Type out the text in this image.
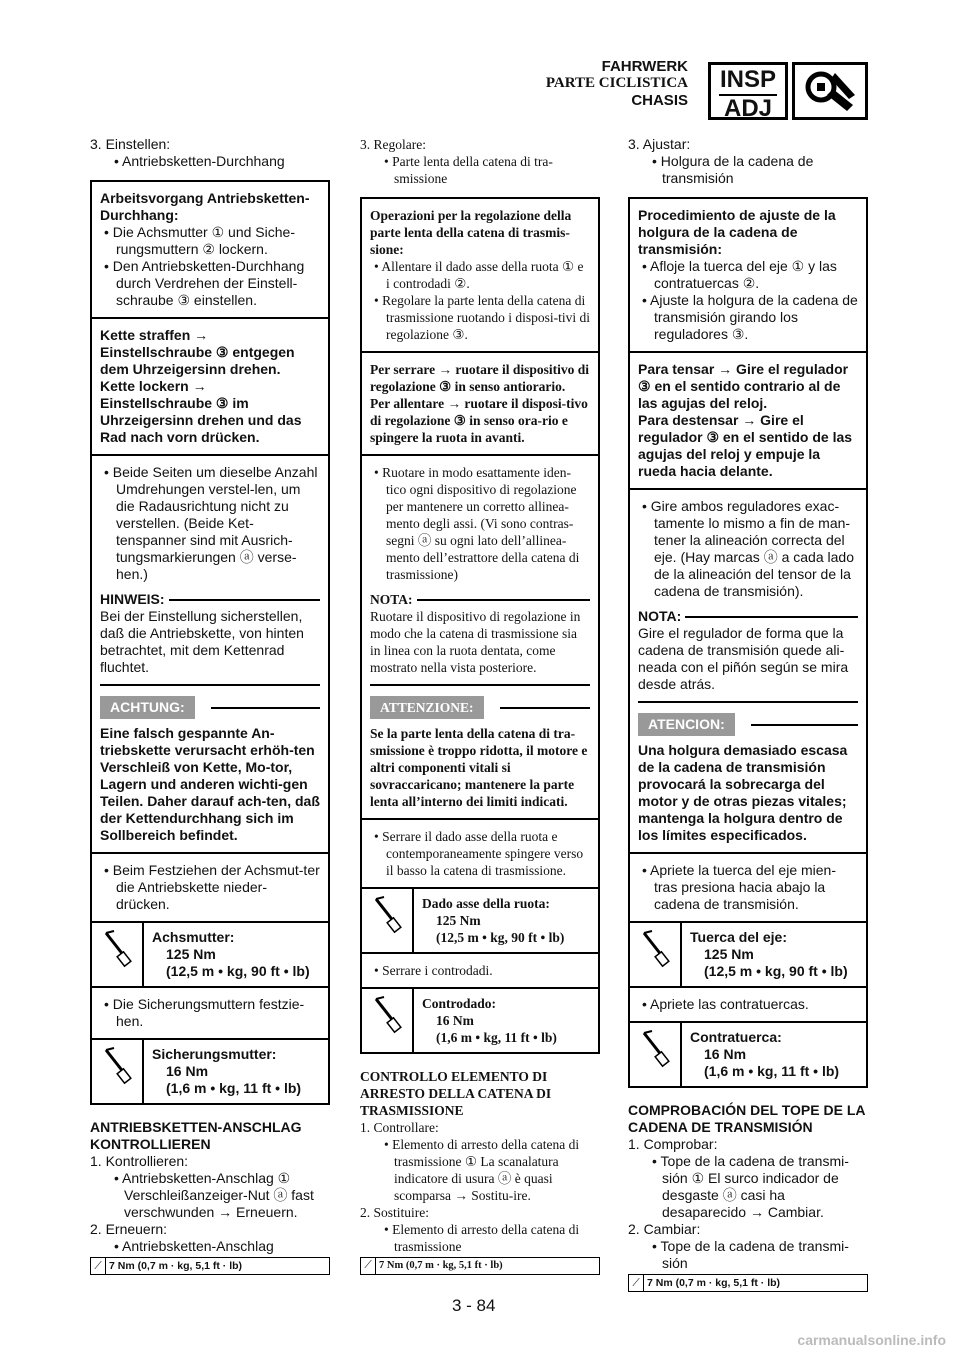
FAHRWERK
PARTE CICLISTICA
CHASIS
INSP
ADJ
3. Einstellen:
• Antriebsketten-Durchhang
Arbeitsvorgang Antriebsketten-Durchhang:
• Die Achsmutter ① und Siche-rungsmuttern ② lockern.
• Den Antriebsketten-Durchhang durch Verdrehen der Einstell-schraube ③ einstellen.
Kette straffen → Einstellschraube ③ entgegen dem Uhrzeigersinn drehen.
Kette lockern → Einstellschraube ③ im Uhrzeigersinn drehen und das Rad nach vorn drücken.
• Beide Seiten um dieselbe Anzahl Umdrehungen verstel-len, um die Radausrichtung nicht zu verstellen. (Beide Ket-tenspanner sind mit Ausrich-tungsmarkierungen ⓐ verse-hen.)
HINWEIS:
Bei der Einstellung sicherstellen, daß die Antriebskette, von hinten betrachtet, mit dem Kettenrad fluchtet.
ACHTUNG:
Eine falsch gespannte An-triebskette verursacht erhöh-ten Verschleiß von Kette, Mo-tor, Lagern und anderen wichti-gen Teilen. Daher darauf ach-ten, daß der Kettendurchhang sich im Sollbereich befindet.
• Beim Festziehen der Achsmut-ter die Antriebskette nieder-drücken.
Achsmutter:
125 Nm
(12,5 m • kg, 90 ft • lb)
• Die Sicherungsmuttern festzie-hen.
Sicherungsmutter:
16 Nm
(1,6 m • kg, 11 ft • lb)
ANTRIEBSKETTEN-ANSCHLAG KONTROLLIEREN
1. Kontrollieren:
• Antriebsketten-Anschlag ① Verschleißanzeiger-Nut ⓐ fast verschwunden → Erneuern.
2. Erneuern:
• Antriebsketten-Anschlag
⟋ 7 Nm (0,7 m · kg, 5,1 ft · lb)
3. Regolare:
• Parte lenta della catena di tra-smissione
Operazioni per la regolazione della parte lenta della catena di trasmis-sione:
• Allentare il dado asse della ruota ① e i controdadi ②.
• Regolare la parte lenta della catena di trasmissione ruotando i disposi-tivi di regolazione ③.
Per serrare → ruotare il dispositivo di regolazione ③ in senso antiorario.
Per allentare → ruotare il disposi-tivo di regolazione ③ in senso ora-rio e spingere la ruota in avanti.
• Ruotare in modo esattamente iden-tico ogni dispositivo di regolazione per mantenere un corretto allinea-mento degli assi. (Vi sono contras-segni ⓐ su ogni lato dell’allinea-mento dell’estrattore della catena di trasmissione)
NOTA:
Ruotare il dispositivo di regolazione in modo che la catena di trasmissione sia in linea con la ruota dentata, come mostrato nella vista posteriore.
ATTENZIONE:
Se la parte lenta della catena di tra-smissione è troppo ridotta, il motore e altri componenti vitali si sovraccaricano; mantenere la parte lenta all’interno dei limiti indicati.
• Serrare il dado asse della ruota e contemporaneamente spingere verso il basso la catena di trasmissione.
Dado asse della ruota:
125 Nm
(12,5 m • kg, 90 ft • lb)
• Serrare i controdadi.
Controdado:
16 Nm
(1,6 m • kg, 11 ft • lb)
CONTROLLO ELEMENTO DI ARRESTO DELLA CATENA DI TRASMISSIONE
1. Controllare:
• Elemento di arresto della catena di trasmissione ① La scanalatura indicatore di usura ⓐ è quasi scomparsa → Sostitu-ire.
2. Sostituire:
• Elemento di arresto della catena di trasmissione
⟋ 7 Nm (0,7 m · kg, 5,1 ft · lb)
3. Ajustar:
• Holgura de la cadena de transmisión
Procedimiento de ajuste de la holgura de la cadena de transmisión:
• Afloje la tuerca del eje ① y las contratuercas ②.
• Ajuste la holgura de la cadena de transmisión girando los reguladores ③.
Para tensar → Gire el regulador ③ en el sentido contrario al de las agujas del reloj.
Para destensar → Gire el regulador ③ en el sentido de las agujas del reloj y empuje la rueda hacia delante.
• Gire ambos reguladores exac-tamente lo mismo a fin de man-tener la alineación correcta del eje. (Hay marcas ⓐ a cada lado de la alineación del tensor de la cadena de transmisión).
NOTA:
Gire el regulador de forma que la cadena de transmisión quede ali-neada con el piñón según se mira desde atrás.
ATENCION:
Una holgura demasiado escasa de la cadena de transmisión provocará la sobrecarga del motor y de otras piezas vitales; mantenga la holgura dentro de los límites especificados.
• Apriete la tuerca del eje mien-tras presiona hacia abajo la cadena de transmisión.
Tuerca del eje:
125 Nm
(12,5 m • kg, 90 ft • lb)
• Apriete las contratuercas.
Contratuerca:
16 Nm
(1,6 m • kg, 11 ft • lb)
COMPROBACIÓN DEL TOPE DE LA CADENA DE TRANSMISIÓN
1. Comprobar:
• Tope de la cadena de transmi-sión ① El surco indicador de desgaste ⓐ casi ha desaparecido → Cambiar.
2. Cambiar:
• Tope de la cadena de transmi-sión
⟋ 7 Nm (0,7 m · kg, 5,1 ft · lb)
3 - 84
carmanualsonline.info
